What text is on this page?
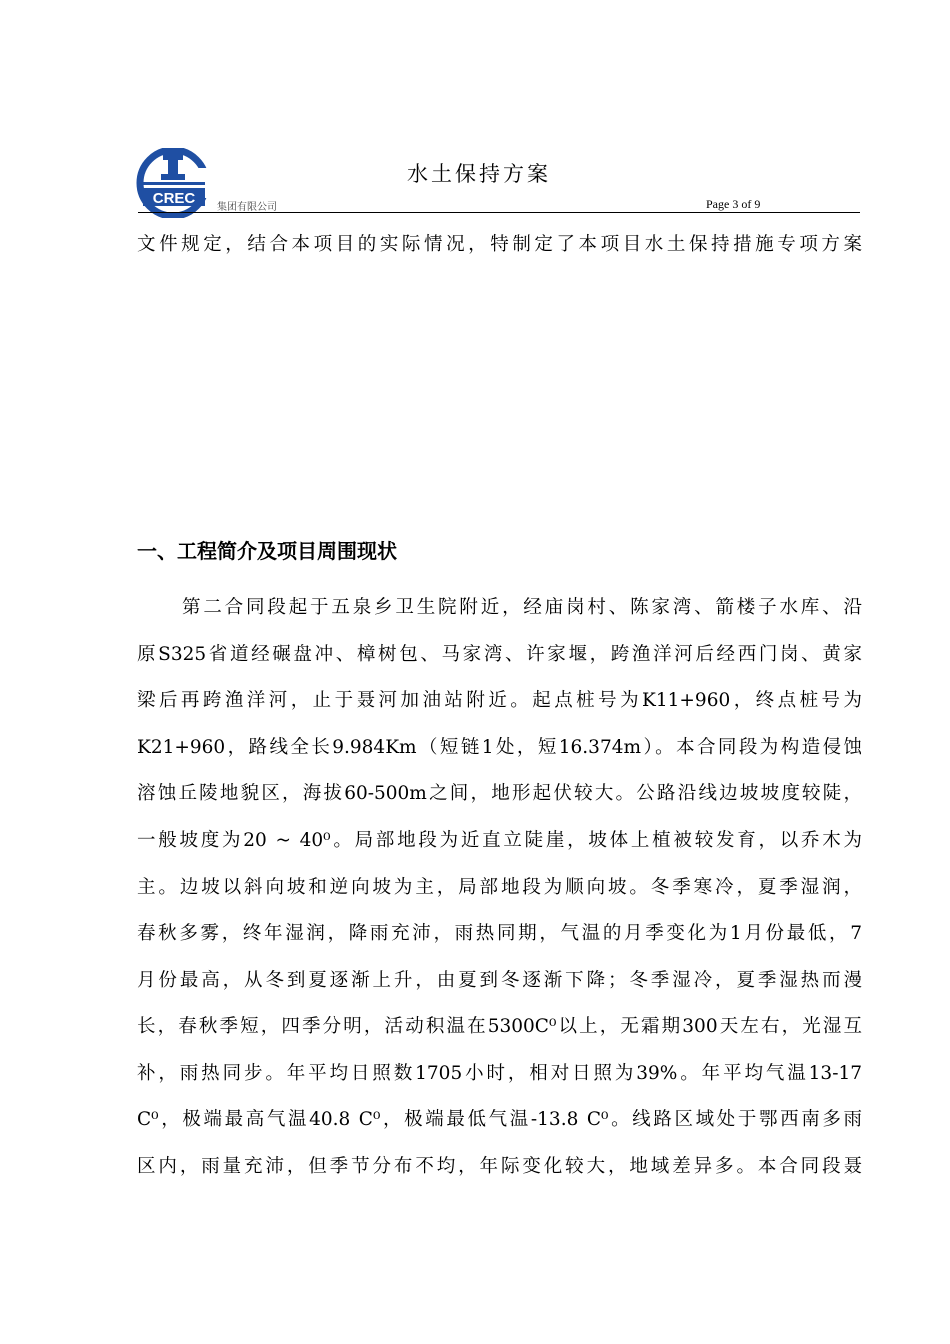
CREC
水土保持方案
集团有限公司	Page 3 of 9
文件规定，结合本项目的实际情况，特制定了本项目水土保持措施专项方案
一、工程简介及项目周围现状
第二合同段起于五泉乡卫生院附近，经庙岗村、陈家湾、箭楼子水库、沿
原S325省道经碾盘冲、樟树包、马家湾、许家堰，跨渔洋河后经西门岗、黄家
梁后再跨渔洋河，止于聂河加油站附近。起点桩号为K11+960，终点桩号为
K21+960，路线全长9.984Km（短链1处，短16.374m）。本合同段为构造侵蚀
溶蚀丘陵地貌区，海拔60-500m之间，地形起伏较大。公路沿线边坡坡度较陡，
一般坡度为20 ~ 40⁰。局部地段为近直立陡崖，坡体上植被较发育，以乔木为
主。边坡以斜向坡和逆向坡为主，局部地段为顺向坡。冬季寒冷，夏季湿润，
春秋多雾，终年湿润，降雨充沛，雨热同期，气温的月季变化为1月份最低，7
月份最高，从冬到夏逐渐上升，由夏到冬逐渐下降；冬季湿冷，夏季湿热而漫
长，春秋季短，四季分明，活动积温在5300C⁰以上，无霜期300天左右，光湿互
补，雨热同步。年平均日照数1705小时，相对日照为39%。年平均气温13-17
C⁰，极端最高气温40.8 C⁰，极端最低气温-13.8 C⁰。线路区域处于鄂西南多雨
区内，雨量充沛，但季节分布不均，年际变化较大，地域差异多。本合同段聂
